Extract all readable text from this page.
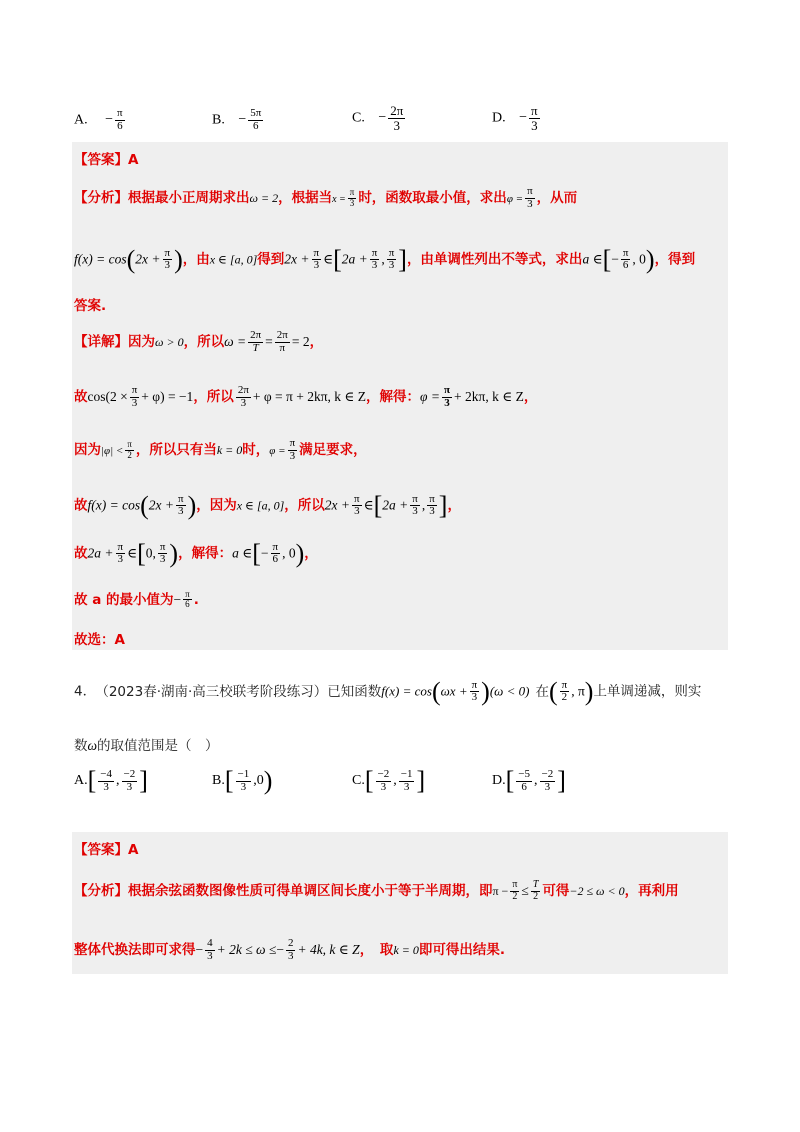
A. − $\frac{\pi}{6}$	B. − $\frac{5\pi}{6}$	C. − $\frac{2\pi}{3}$	D. − $\frac{\pi}{3}$
【答案】A
【分析】根据最小正周期求出ω = 2，根据当$x = \frac{\pi}{3}$ 时，函数取最小值，求出$\varphi = \frac{\pi}{3}$ ，从而
$f(x) = \cos(2x + \frac{\pi}{3}$ )，由x ∈ [a, 0]得到$2x + \frac{\pi}{3}$ ∈[2a + $\frac{\pi}{3}$ , $\frac{\pi}{3}$ ]，由单调性列出不等式，求出a ∈[− $\frac{\pi}{6}$ , 0)，得到
答案.
【详解】因为ω > 0，所以$\omega = \frac{2\pi}{T} = \frac{2\pi}{\pi} = 2$，
故$\cos(2 \times \frac{\pi}{3} + \varphi) = -1$，所以 $\frac{2\pi}{3} + \varphi = \pi + 2k\pi$, k ∈ Z，解得：$\varphi = \frac{\pi}{3} + 2k\pi$, k ∈ Z，
因为$|\varphi| < \frac{\pi}{2}$ ，所以只有当k = 0时，$\varphi = \frac{\pi}{3}$ 满足要求，
故$f(x) = \cos(2x + \frac{\pi}{3}$ )，因为x ∈ [a, 0]，所以$2x + \frac{\pi}{3}$ ∈[2a + $\frac{\pi}{3}$ , $\frac{\pi}{3}$ ]，
故$2a + \frac{\pi}{3}$ ∈[0, $\frac{\pi}{3}$ )，解得：a ∈[− $\frac{\pi}{6}$ , 0)，
故 a 的最小值为− $\frac{\pi}{6}$ .
故选：A
4． （2023春·湖南·高三校联考阶段练习）已知函数$f(x) = \cos(\omega x + \frac{\pi}{3} )(\omega < 0)$ 在( $\frac{\pi}{2}$ , π)上单调递减，则实
数ω的取值范围是（　）
$A.[ \frac{-4}{3}$ , $\frac{-2}{3}$ ]	$B.[ \frac{-1}{3} ,0)$	$C.[ \frac{-2}{3}$ , $\frac{-1}{3}$ ]	$D.[ \frac{-5}{6}$ , $\frac{-2}{3}$ ]
【答案】A
【分析】根据余弦函数图像性质可得单调区间长度小于等于半周期，即$\pi - \frac{\pi}{2} \le \frac{T}{2}$ 可得−2 ≤ ω < 0，再利用
整体代换法即可求得− $\frac{4}{3} + 2k \le \omega \le- \frac{2}{3} + 4k$, k ∈ Z，　取k = 0即可得出结果.
